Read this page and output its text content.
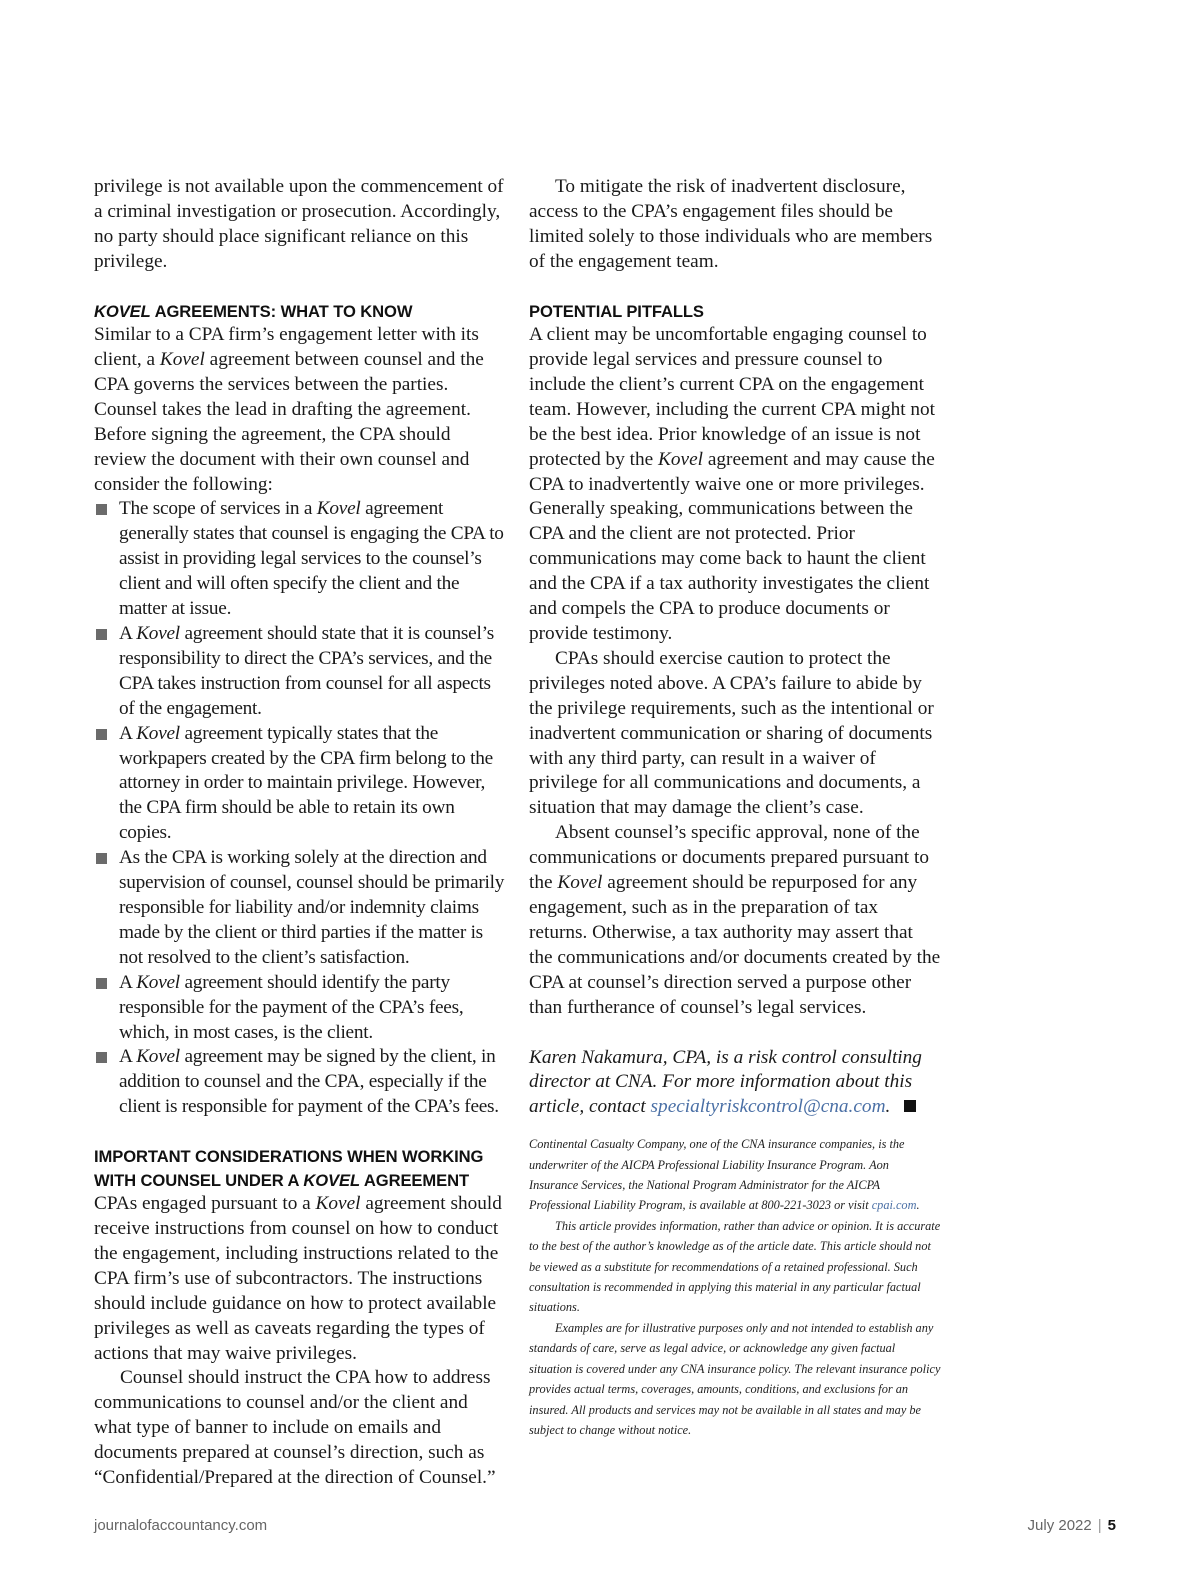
privilege is not available upon the commencement of a criminal investigation or prosecution. Accordingly, no party should place significant reliance on this privilege.

KOVEL AGREEMENTS: WHAT TO KNOW

Similar to a CPA firm’s engagement letter with its client, a Kovel agreement between counsel and the CPA governs the services between the parties. Counsel takes the lead in drafting the agreement. Before signing the agreement, the CPA should review the document with their own counsel and consider the following:

The scope of services in a Kovel agreement generally states that counsel is engaging the CPA to assist in providing legal services to the counsel’s client and will often specify the client and the matter at issue.
A Kovel agreement should state that it is counsel’s responsibility to direct the CPA’s services, and the CPA takes instruction from counsel for all aspects of the engagement.
A Kovel agreement typically states that the workpapers created by the CPA firm belong to the attorney in order to maintain privilege. However, the CPA firm should be able to retain its own copies.
As the CPA is working solely at the direction and supervision of counsel, counsel should be primarily responsible for liability and/or indemnity claims made by the client or third parties if the matter is not resolved to the client’s satisfaction.
A Kovel agreement should identify the party responsible for the payment of the CPA’s fees, which, in most cases, is the client.
A Kovel agreement may be signed by the client, in addition to counsel and the CPA, especially if the client is responsible for payment of the CPA’s fees.
IMPORTANT CONSIDERATIONS WHEN WORKING
WITH COUNSEL UNDER A KOVEL AGREEMENT

CPAs engaged pursuant to a Kovel agreement should receive instructions from counsel on how to conduct the engagement, including instructions related to the CPA firm’s use of subcontractors. The instructions should include guidance on how to protect available privileges as well as caveats regarding the types of actions that may waive privileges.

Counsel should instruct the CPA how to address communications to counsel and/or the client and what type of banner to include on emails and documents prepared at counsel’s direction, such as “Confidential/Prepared at the direction of Counsel.”

To mitigate the risk of inadvertent disclosure, access to the CPA’s engagement files should be limited solely to those individuals who are members of the engagement team.

POTENTIAL PITFALLS

A client may be uncomfortable engaging counsel to provide legal services and pressure counsel to include the client’s current CPA on the engagement team. However, including the current CPA might not be the best idea. Prior knowledge of an issue is not protected by the Kovel agreement and may cause the CPA to inadvertently waive one or more privileges. Generally speaking, communications between the CPA and the client are not protected. Prior communications may come back to haunt the client and the CPA if a tax authority investigates the client and compels the CPA to produce documents or provide testimony.

CPAs should exercise caution to protect the privileges noted above. A CPA’s failure to abide by the privilege requirements, such as the intentional or inadvertent communication or sharing of documents with any third party, can result in a waiver of privilege for all communications and documents, a situation that may damage the client’s case.

Absent counsel’s specific approval, none of the communications or documents prepared pursuant to the Kovel agreement should be repurposed for any engagement, such as in the preparation of tax returns. Otherwise, a tax authority may assert that the communications and/or documents created by the CPA at counsel’s direction served a purpose other than furtherance of counsel’s legal services.

Karen Nakamura, CPA, is a risk control consulting director at CNA. For more information about this article, contact specialtyriskcontrol@cna.com.

Continental Casualty Company, one of the CNA insurance companies, is the underwriter of the AICPA Professional Liability Insurance Program. Aon Insurance Services, the National Program Administrator for the AICPA Professional Liability Program, is available at 800-221-3023 or visit cpai.com.

This article provides information, rather than advice or opinion. It is accurate to the best of the author’s knowledge as of the article date. This article should not be viewed as a substitute for recommendations of a retained professional. Such consultation is recommended in applying this material in any particular factual situations.

Examples are for illustrative purposes only and not intended to establish any standards of care, serve as legal advice, or acknowledge any given factual situation is covered under any CNA insurance policy. The relevant insurance policy provides actual terms, coverages, amounts, conditions, and exclusions for an insured. All products and services may not be available in all states and may be subject to change without notice.

journalofaccountancy.com	July 2022 | 5
